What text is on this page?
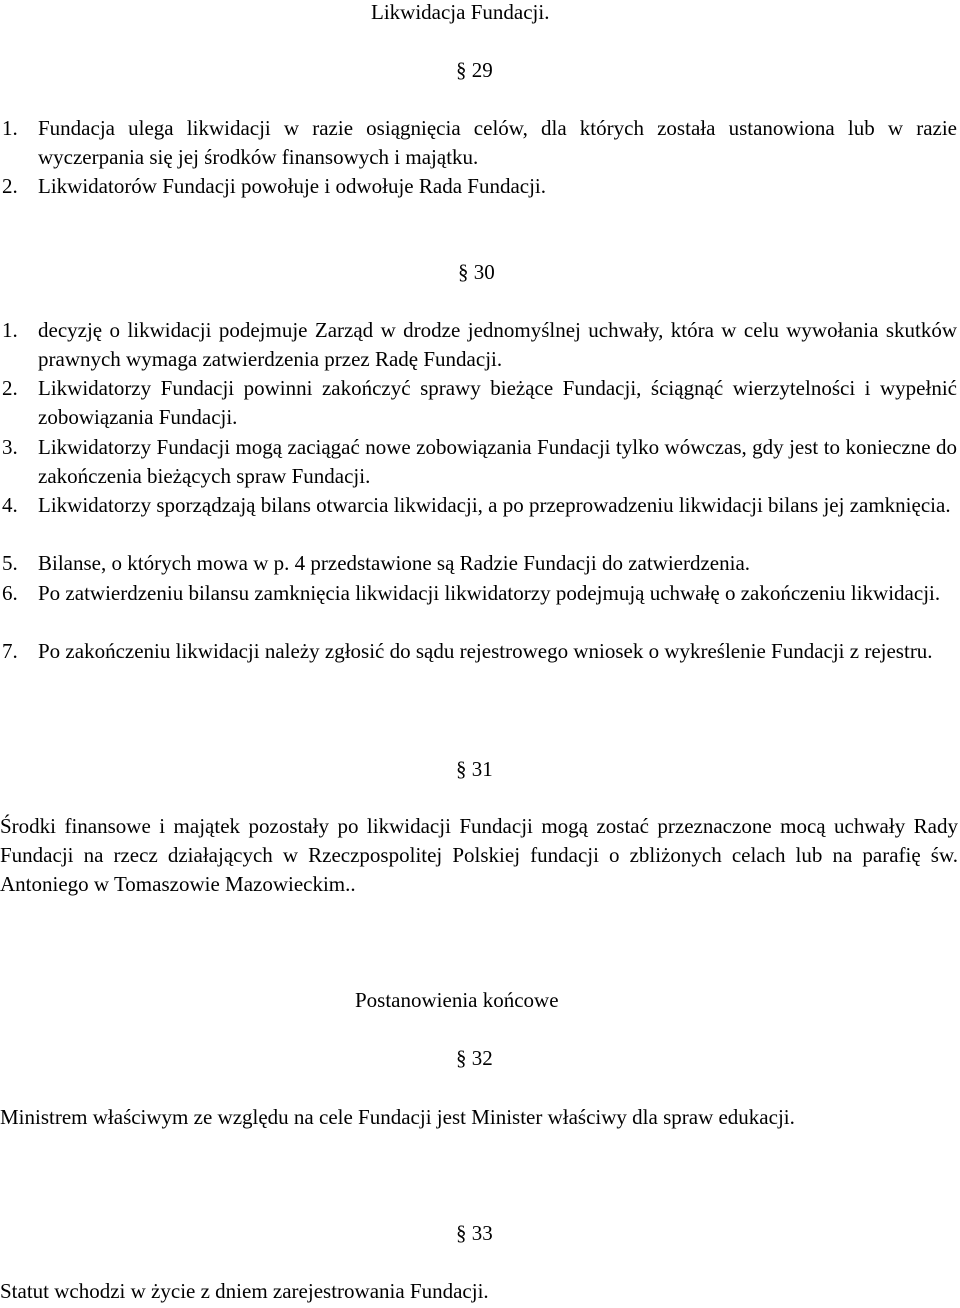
Likwidacja Fundacji.
§ 29
1. Fundacja ulega likwidacji w razie osiągnięcia celów, dla których została ustanowiona lub w razie wyczerpania się jej środków finansowych i majątku.
2. Likwidatorów Fundacji powołuje i odwołuje Rada Fundacji.
§ 30
1. decyzję o likwidacji podejmuje Zarząd w drodze jednomyślnej uchwały, która w celu wywołania skutków prawnych wymaga zatwierdzenia przez Radę Fundacji.
2. Likwidatorzy Fundacji powinni zakończyć sprawy bieżące Fundacji, ściągnąć wierzytelności i wypełnić zobowiązania Fundacji.
3. Likwidatorzy Fundacji mogą zaciągać nowe zobowiązania Fundacji tylko wówczas, gdy jest to konieczne do zakończenia bieżących spraw Fundacji.
4. Likwidatorzy sporządzają bilans otwarcia likwidacji, a po przeprowadzeniu likwidacji bilans jej zamknięcia.
5. Bilanse, o których mowa w p. 4 przedstawione są Radzie Fundacji do zatwierdzenia.
6. Po zatwierdzeniu bilansu zamknięcia likwidacji likwidatorzy podejmują uchwałę o zakończeniu likwidacji.
7. Po zakończeniu likwidacji należy zgłosić do sądu rejestrowego wniosek o wykreślenie Fundacji z rejestru.
§ 31
Środki finansowe i majątek pozostały po likwidacji Fundacji mogą zostać przeznaczone mocą uchwały Rady Fundacji na rzecz działających w Rzeczpospolitej Polskiej fundacji o zbliżonych celach lub na parafię św. Antoniego w Tomaszowie Mazowieckim..
Postanowienia końcowe
§ 32
Ministrem właściwym ze względu na cele Fundacji jest Minister właściwy dla spraw edukacji.
§ 33
Statut wchodzi w życie z dniem zarejestrowania Fundacji.
